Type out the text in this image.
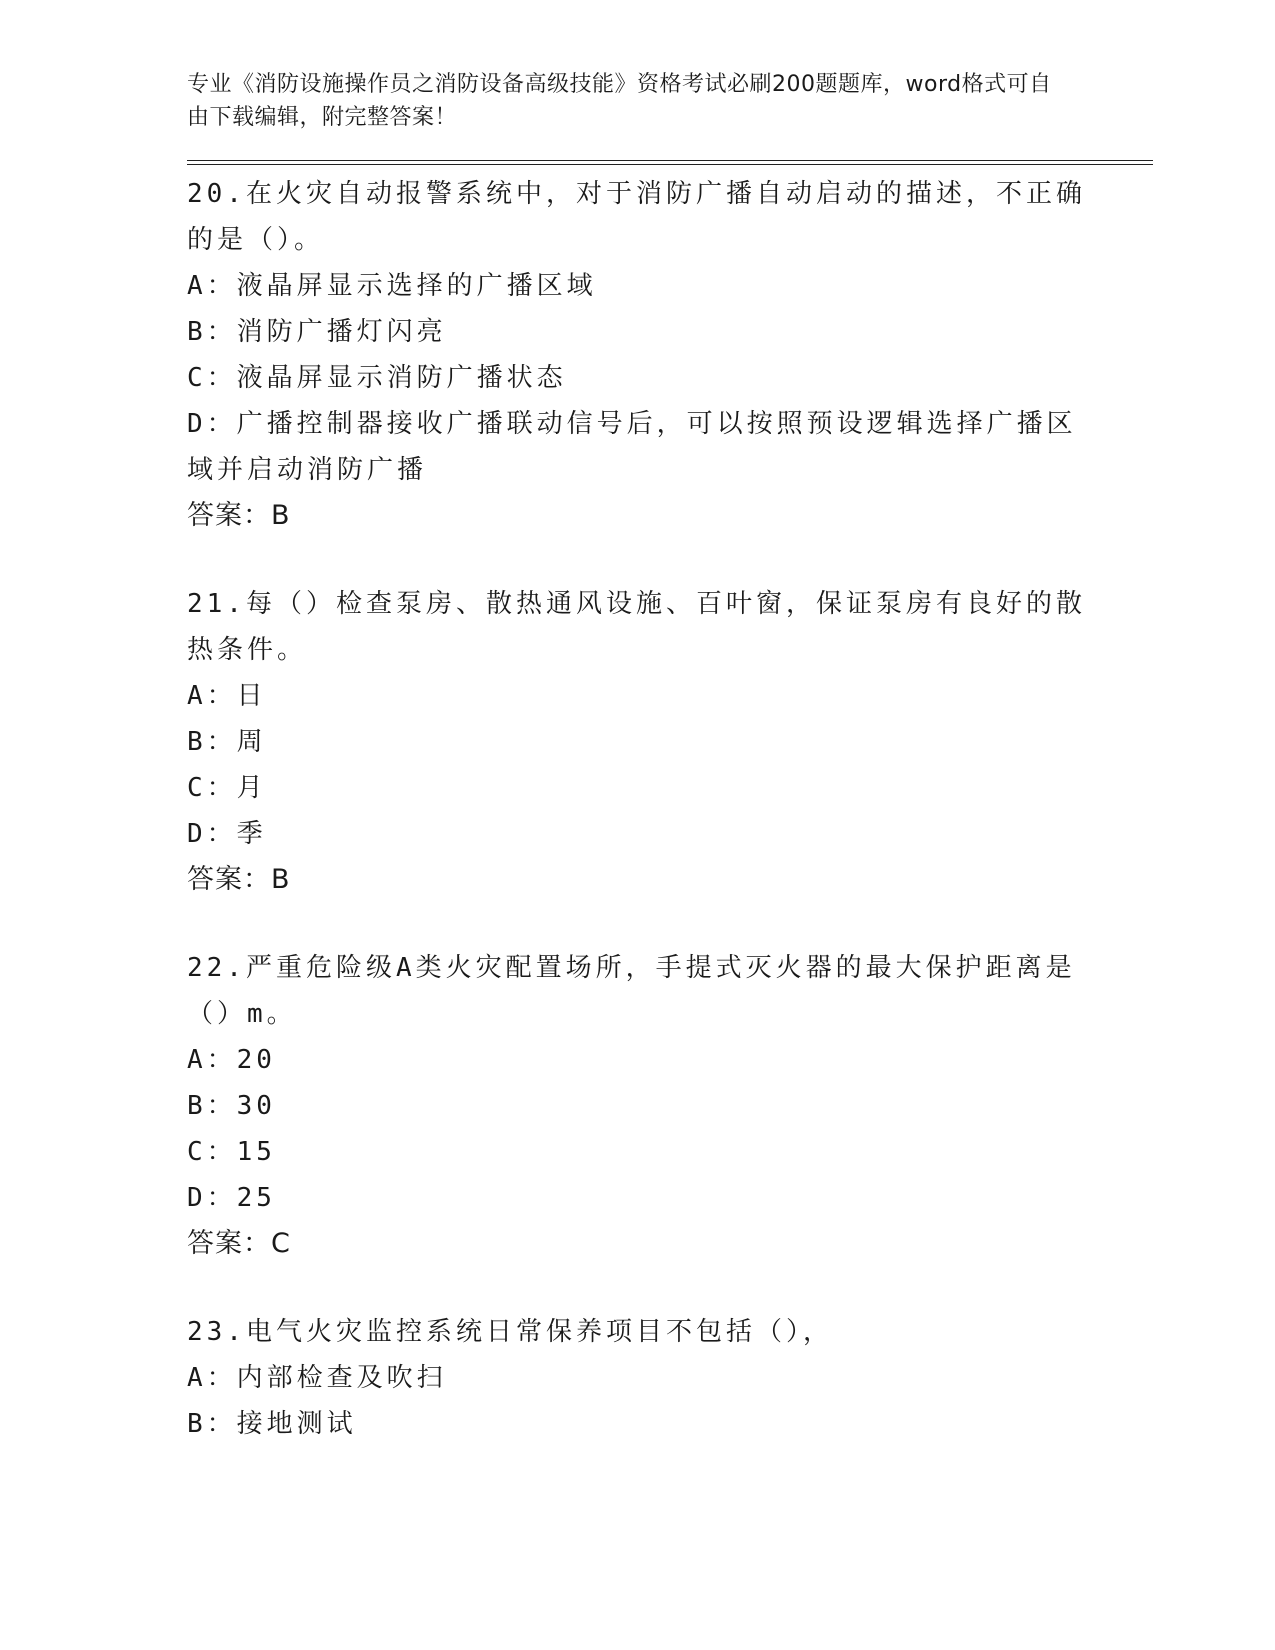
专业《消防设施操作员之消防设备高级技能》资格考试必刷200题题库，word格式可自由下载编辑，附完整答案！
20.在火灾自动报警系统中，对于消防广播自动启动的描述，不正确的是（）。
A：液晶屏显示选择的广播区域
B：消防广播灯闪亮
C：液晶屏显示消防广播状态
D：广播控制器接收广播联动信号后，可以按照预设逻辑选择广播区域并启动消防广播
答案：B
21.每（）检查泵房、散热通风设施、百叶窗，保证泵房有良好的散热条件。
A：日
B：周
C：月
D：季
答案：B
22.严重危险级A类火灾配置场所，手提式灭火器的最大保护距离是（）m。
A：20
B：30
C：15
D：25
答案：C
23.电气火灾监控系统日常保养项目不包括（），
A：内部检查及吹扫
B：接地测试
